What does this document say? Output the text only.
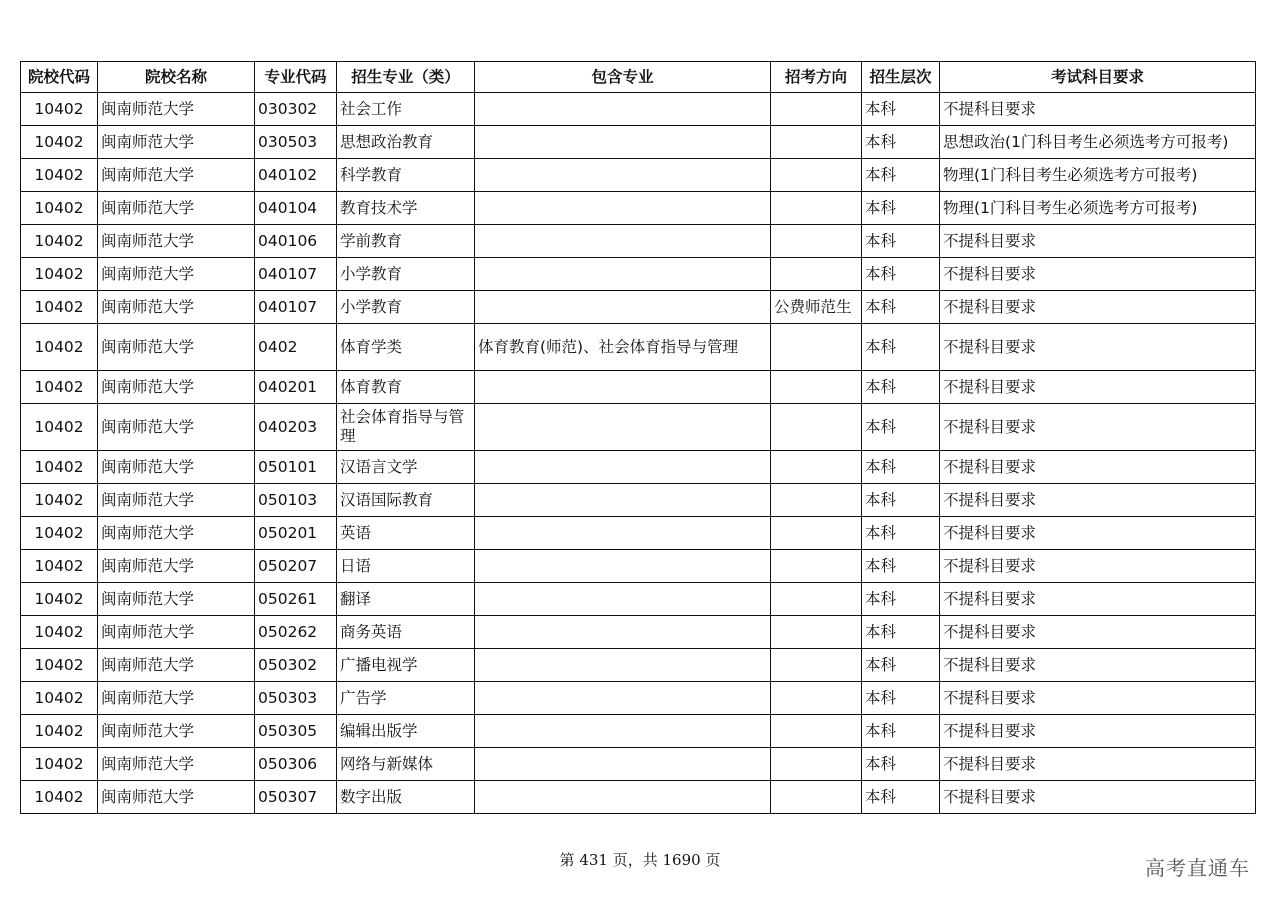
院校代码	院校名称	专业代码	招生专业（类）	包含专业	招考方向	招生层次	考试科目要求
10402	闽南师范大学	030302	社会工作			本科	不提科目要求
10402	闽南师范大学	030503	思想政治教育			本科	思想政治(1门科目考生必须选考方可报考)
10402	闽南师范大学	040102	科学教育			本科	物理(1门科目考生必须选考方可报考)
10402	闽南师范大学	040104	教育技术学			本科	物理(1门科目考生必须选考方可报考)
10402	闽南师范大学	040106	学前教育			本科	不提科目要求
10402	闽南师范大学	040107	小学教育			本科	不提科目要求
10402	闽南师范大学	040107	小学教育		公费师范生	本科	不提科目要求
10402	闽南师范大学	0402	体育学类	体育教育(师范)、社会体育指导与管理		本科	不提科目要求
10402	闽南师范大学	040201	体育教育			本科	不提科目要求
10402	闽南师范大学	040203	社会体育指导与管理			本科	不提科目要求
10402	闽南师范大学	050101	汉语言文学			本科	不提科目要求
10402	闽南师范大学	050103	汉语国际教育			本科	不提科目要求
10402	闽南师范大学	050201	英语			本科	不提科目要求
10402	闽南师范大学	050207	日语			本科	不提科目要求
10402	闽南师范大学	050261	翻译			本科	不提科目要求
10402	闽南师范大学	050262	商务英语			本科	不提科目要求
10402	闽南师范大学	050302	广播电视学			本科	不提科目要求
10402	闽南师范大学	050303	广告学			本科	不提科目要求
10402	闽南师范大学	050305	编辑出版学			本科	不提科目要求
10402	闽南师范大学	050306	网络与新媒体			本科	不提科目要求
10402	闽南师范大学	050307	数字出版			本科	不提科目要求
第 431 页，共 1690 页	高考直通车
